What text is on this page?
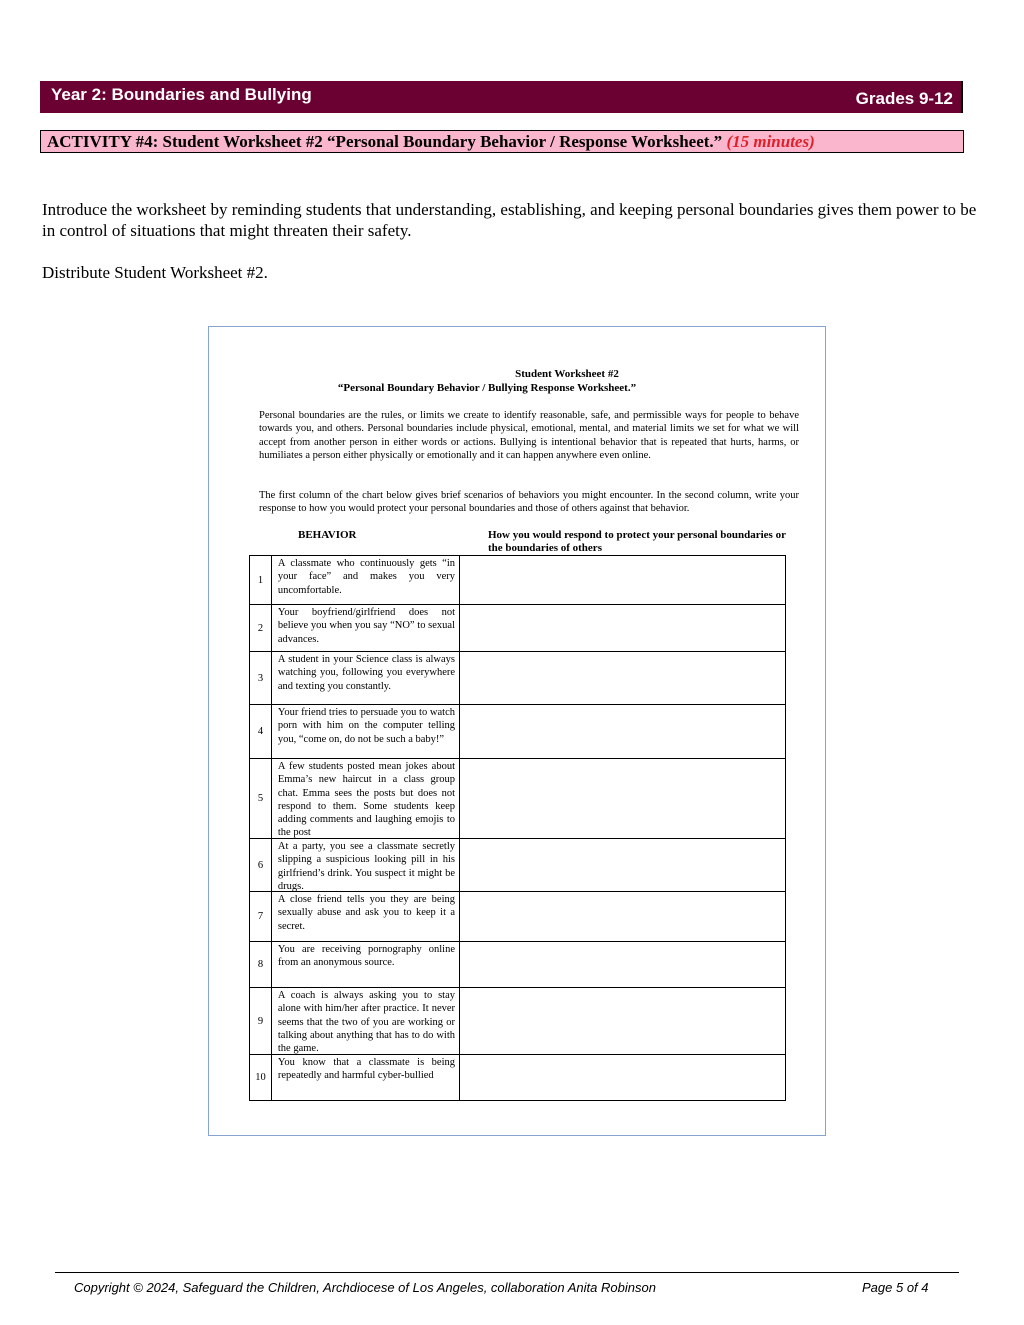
Year 2: Boundaries and Bullying	Grades 9-12
ACTIVITY #4: Student Worksheet #2 “Personal Boundary Behavior / Response Worksheet.” (15 minutes)
Introduce the worksheet by reminding students that understanding, establishing, and keeping personal boundaries gives them power to be in control of situations that might threaten their safety.
Distribute Student Worksheet #2.
Student Worksheet #2
“Personal Boundary Behavior / Bullying Response Worksheet.”
Personal boundaries are the rules, or limits we create to identify reasonable, safe, and permissible ways for people to behave towards you, and others. Personal boundaries include physical, emotional, mental, and material limits we set for what we will accept from another person in either words or actions. Bullying is intentional behavior that is repeated that hurts, harms, or humiliates a person either physically or emotionally and it can happen anywhere even online.
The first column of the chart below gives brief scenarios of behaviors you might encounter. In the second column, write your response to how you would protect your personal boundaries and those of others against that behavior.
BEHAVIOR	How you would respond to protect your personal boundaries or the boundaries of others
1	A classmate who continuously gets “in your face” and makes you very uncomfortable.	

2	Your boyfriend/girlfriend does not believe you when you say “NO” to sexual advances.	

3	A student in your Science class is always watching you, following you everywhere and texting you constantly.	

4	Your friend tries to persuade you to watch porn with him on the computer telling you, “come on, do not be such a baby!”	

5	A few students posted mean jokes about Emma’s new haircut in a class group chat. Emma sees the posts but does not respond to them. Some students keep adding comments and laughing emojis to the post	

6	At a party, you see a classmate secretly slipping a suspicious looking pill in his girlfriend’s drink. You suspect it might be drugs.	

7	A close friend tells you they are being sexually abuse and ask you to keep it a secret.	

8	You are receiving pornography online from an anonymous source.	

9	A coach is always asking you to stay alone with him/her after practice. It never seems that the two of you are working or talking about anything that has to do with the game.	

10	You know that a classmate is being repeatedly and harmful cyber-bullied	

Copyright © 2024, Safeguard the Children, Archdiocese of Los Angeles, collaboration Anita Robinson	Page 5 of 4
